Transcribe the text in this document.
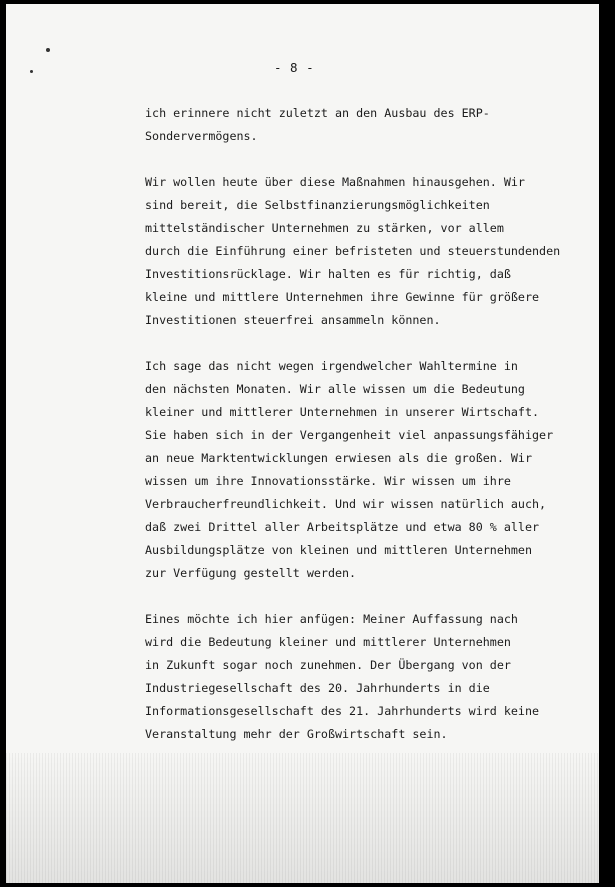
- 8 -

ich erinnere nicht zuletzt an den Ausbau des ERP-
Sondervermögens.

Wir wollen heute über diese Maßnahmen hinausgehen. Wir
sind bereit, die Selbstfinanzierungsmöglichkeiten
mittelständischer Unternehmen zu stärken, vor allem
durch die Einführung einer befristeten und steuerstundenden
Investitionsrücklage. Wir halten es für richtig, daß
kleine und mittlere Unternehmen ihre Gewinne für größere
Investitionen steuerfrei ansammeln können.

Ich sage das nicht wegen irgendwelcher Wahltermine in
den nächsten Monaten. Wir alle wissen um die Bedeutung
kleiner und mittlerer Unternehmen in unserer Wirtschaft.
Sie haben sich in der Vergangenheit viel anpassungsfähiger
an neue Marktentwicklungen erwiesen als die großen. Wir
wissen um ihre Innovationsstärke. Wir wissen um ihre
Verbraucherfreundlichkeit. Und wir wissen natürlich auch,
daß zwei Drittel aller Arbeitsplätze und etwa 80 % aller
Ausbildungsplätze von kleinen und mittleren Unternehmen
zur Verfügung gestellt werden.

Eines möchte ich hier anfügen: Meiner Auffassung nach
wird die Bedeutung kleiner und mittlerer Unternehmen
in Zukunft sogar noch zunehmen. Der Übergang von der
Industriegesellschaft des 20. Jahrhunderts in die
Informationsgesellschaft des 21. Jahrhunderts wird keine
Veranstaltung mehr der Großwirtschaft sein.
